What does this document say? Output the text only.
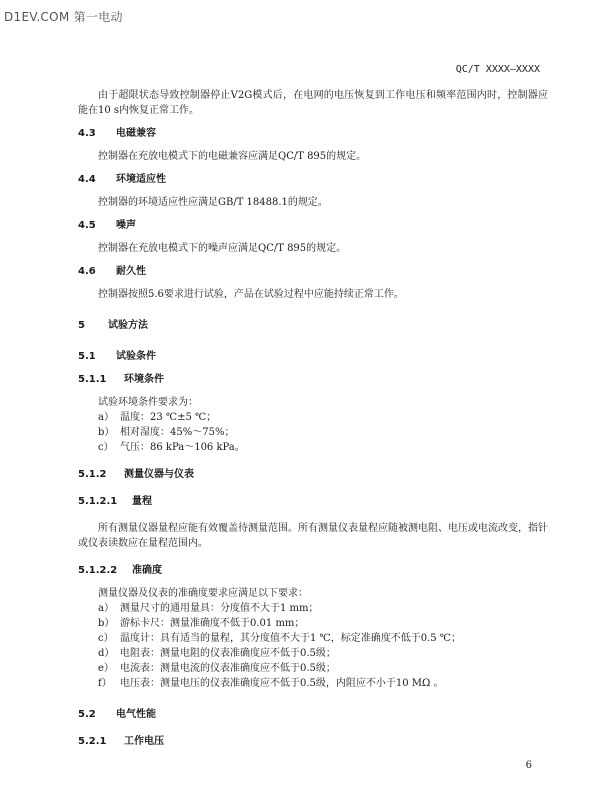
D1EV.COM 第一电动
QC/T XXXX—XXXX

由于超限状态导致控制器停止V2G模式后，在电网的电压恢复到工作电压和频率范围内时，控制器应能在10 s内恢复正常工作。

4.3 电磁兼容

控制器在充放电模式下的电磁兼容应满足QC/T 895的规定。

4.4 环境适应性

控制器的环境适应性应满足GB/T 18488.1的规定。

4.5 噪声

控制器在充放电模式下的噪声应满足QC/T 895的规定。

4.6 耐久性

控制器按照5.6要求进行试验，产品在试验过程中应能持续正常工作。

5 试验方法

5.1 试验条件

5.1.1 环境条件

试验环境条件要求为：

a） 温度：23 ℃±5 ℃；
b） 相对湿度：45%～75%；
c） 气压：86 kPa～106 kPa。

5.1.2 测量仪器与仪表

5.1.2.1 量程

所有测量仪器量程应能有效覆盖待测量范围。所有测量仪表量程应随被测电阻、电压或电流改变，指针或仪表读数应在量程范围内。

5.1.2.2 准确度

测量仪器及仪表的准确度要求应满足以下要求：

a） 测量尺寸的通用量具：分度值不大于1 mm；
b） 游标卡尺：测量准确度不低于0.01 mm；
c） 温度计：具有适当的量程，其分度值不大于1 ℃，标定准确度不低于0.5 ℃；
d） 电阻表：测量电阻的仪表准确度应不低于0.5级；
e） 电流表：测量电流的仪表准确度应不低于0.5级；
f） 电压表：测量电压的仪表准确度应不低于0.5级，内阻应不小于10 MΩ 。

5.2 电气性能

5.2.1 工作电压

6
